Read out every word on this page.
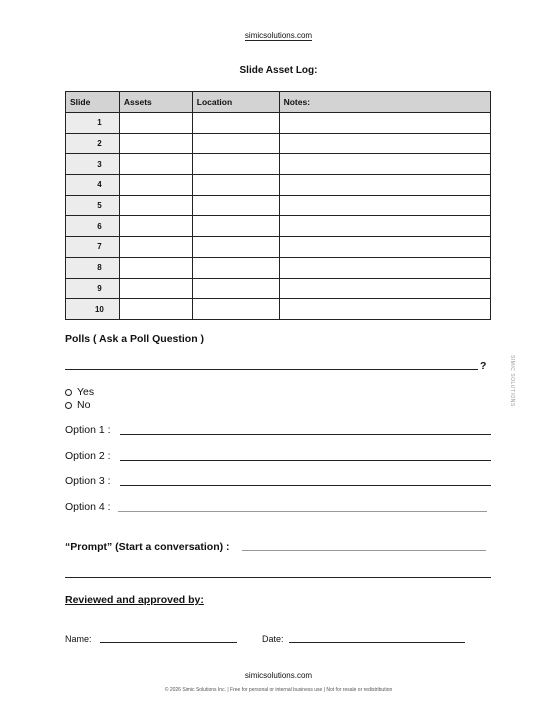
simicsolutions.com
Slide Asset Log:
Slide	Assets	Location	Notes:
1			
2			
3			
4			
5			
6			
7			
8			
9			
10			
Polls ( Ask a Poll Question )
?
Yes
No
Option 1 :
Option 2 :
Option 3 :
Option 4 :
“Prompt” (Start a conversation) :
Reviewed and approved by:
Name:	Date:
SIMIC SOLUTIONS
simicsolutions.com
© 2026 Simic Solutions Inc. | Free for personal or internal business use | Not for resale or redistribution
